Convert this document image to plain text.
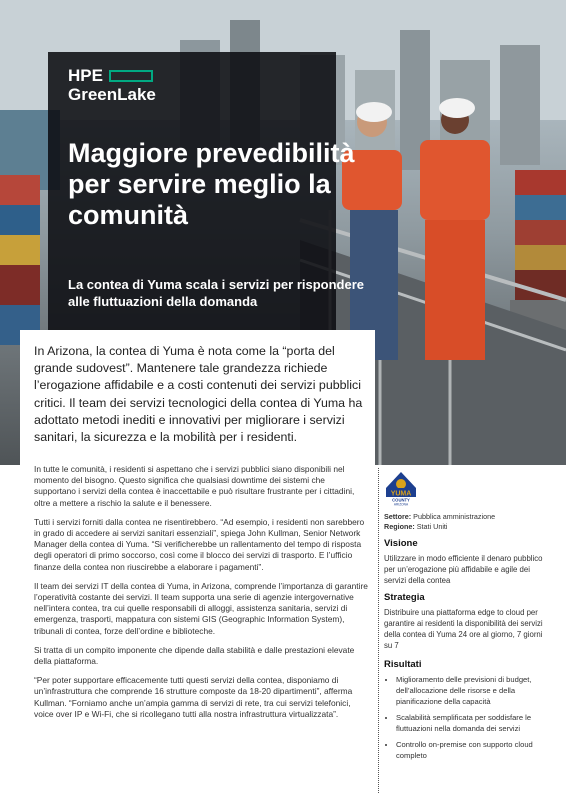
HPE
GreenLake
Maggiore prevedibilità per servire meglio la comunità

La contea di Yuma scala i servizi per rispondere alle fluttuazioni della domanda

In Arizona, la contea di Yuma è nota come la “porta del grande sudovest”. Mantenere tale grandezza richiede l’erogazione affidabile e a costi contenuti dei servizi pubblici critici. Il team dei servizi tecnologici della contea di Yuma ha adottato metodi inediti e innovativi per migliorare i servizi sanitari, la sicurezza e la mobilità per i residenti.

In tutte le comunità, i residenti si aspettano che i servizi pubblici siano disponibili nel momento del bisogno. Questo significa che qualsiasi downtime dei sistemi che supportano i servizi della contea è inaccettabile e può risultare frustrante per i cittadini, oltre a mettere a rischio la salute e il benessere.

Tutti i servizi forniti dalla contea ne risentirebbero. “Ad esempio, i residenti non sarebbero in grado di accedere ai servizi sanitari essenziali”, spiega John Kullman, Senior Network Manager della contea di Yuma. “Si verificherebbe un rallentamento del tempo di risposta degli operatori di primo soccorso, così come il blocco dei servizi di trasporto. E l’ufficio finanze della contea non riuscirebbe a elaborare i pagamenti”.

Il team dei servizi IT della contea di Yuma, in Arizona, comprende l’importanza di garantire l’operatività costante dei servizi. Il team supporta una serie di agenzie intergovernative nell’intera contea, tra cui quelle responsabili di alloggi, assistenza sanitaria, servizi di emergenza, trasporti, mappatura con sistemi GIS (Geographic Information System), tribunali di contea, forze dell’ordine e biblioteche.

Si tratta di un compito imponente che dipende dalla stabilità e dalle prestazioni elevate della piattaforma.

“Per poter supportare efficacemente tutti questi servizi della contea, disponiamo di un’infrastruttura che comprende 16 strutture composte da 18-20 dipartimenti”, afferma Kullman. “Forniamo anche un’ampia gamma di servizi di rete, tra cui servizi telefonici, voice over IP e Wi-Fi, che si ricollegano tutti alla nostra infrastruttura virtualizzata”.

YUMA
COUNTY
ARIZONA
Settore: Pubblica amministrazione
Regione: Stati Uniti
Visione

Utilizzare in modo efficiente il denaro pubblico per un’erogazione più affidabile e agile dei servizi della contea

Strategia

Distribuire una piattaforma edge to cloud per garantire ai residenti la disponibilità dei servizi della contea di Yuma 24 ore al giorno, 7 giorni su 7

Risultati
• Miglioramento delle previsioni di budget, dell’allocazione delle risorse e della pianificazione della capacità
• Scalabilità semplificata per soddisfare le fluttuazioni nella domanda dei servizi
• Controllo on-premise con supporto cloud completo
